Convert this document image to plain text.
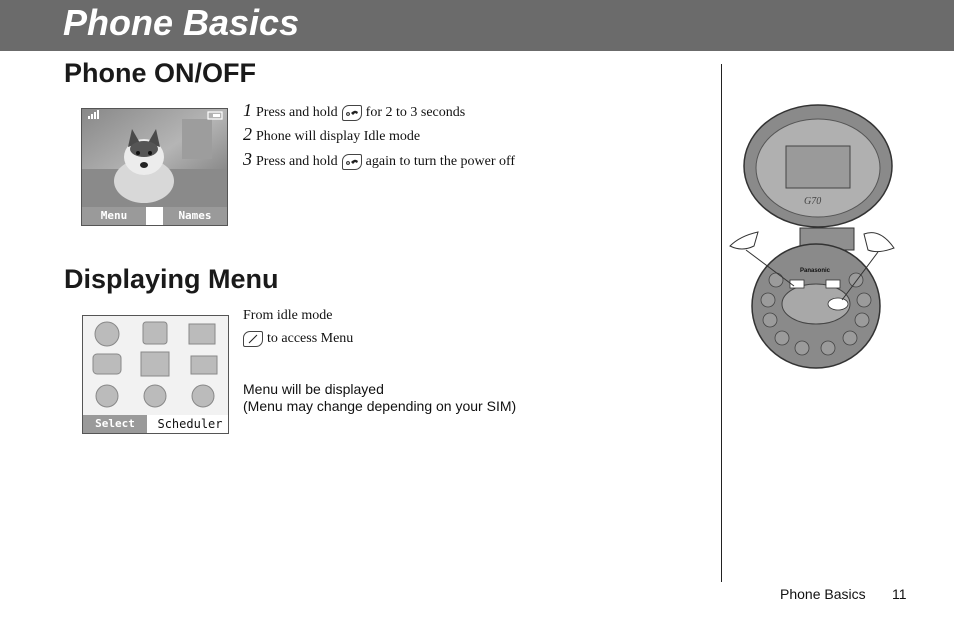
Phone Basics
Phone ON/OFF
Menu	Names
1 Press and hold for 2 to 3 seconds
2 Phone will display Idle mode
3 Press and hold again to turn the power off
Displaying Menu
Select	Scheduler
From idle mode
to access Menu
Menu will be displayed
(Menu may change depending on your SIM)
G70
Panasonic
Phone Basics 11
